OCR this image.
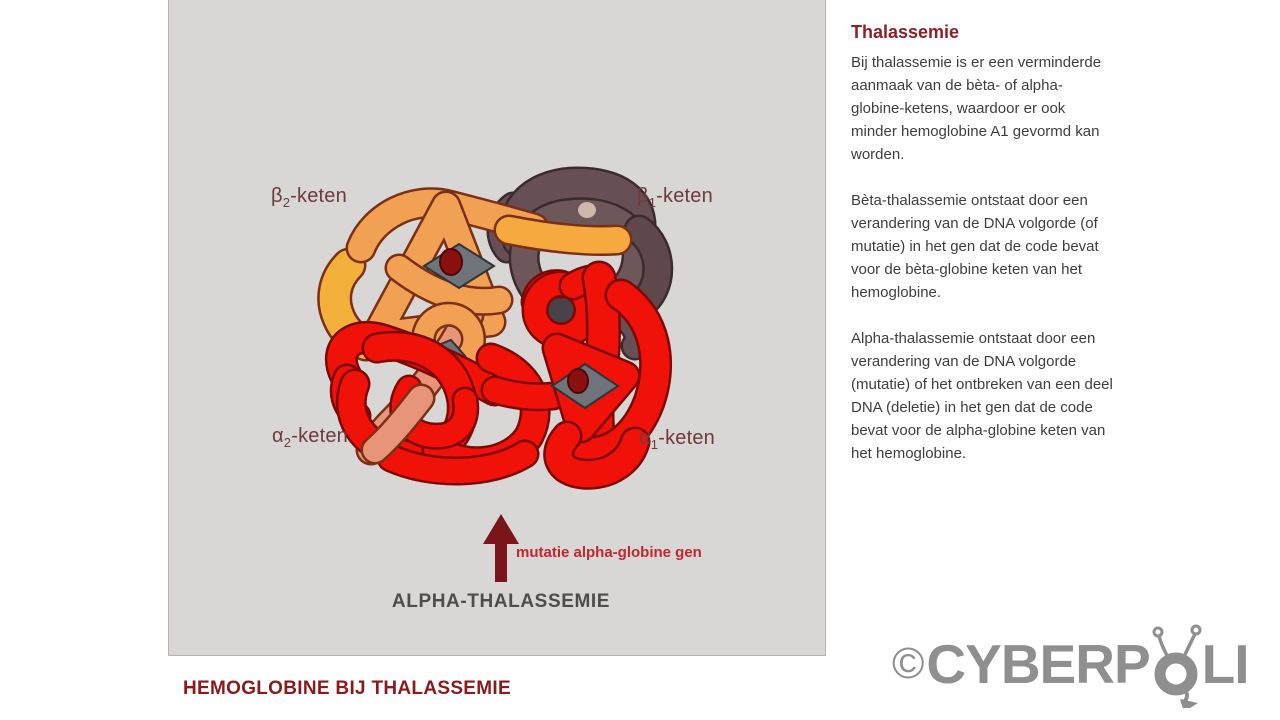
$\beta_2$-keten	$\beta_1$-keten
$\alpha_2$-keten	$\alpha_1$-keten
mutatie alpha-globine gen
ALPHA-THALASSEMIE
Thalassemie

Bij thalassemie is er een verminderde aanmaak van de bèta- of alpha-globine-ketens, waardoor er ook minder hemoglobine A1 gevormd kan worden.

Bèta-thalassemie ontstaat door een verandering van de DNA volgorde (of mutatie) in het gen dat de code bevat voor de bèta-globine keten van het hemoglobine.

Alpha-thalassemie ontstaat door een verandering van de DNA volgorde (mutatie) of het ontbreken van een deel DNA (deletie) in het gen dat de code bevat voor de alpha-globine keten van het hemoglobine.

HEMOGLOBINE BIJ THALASSEMIE
© CYBERP LI
